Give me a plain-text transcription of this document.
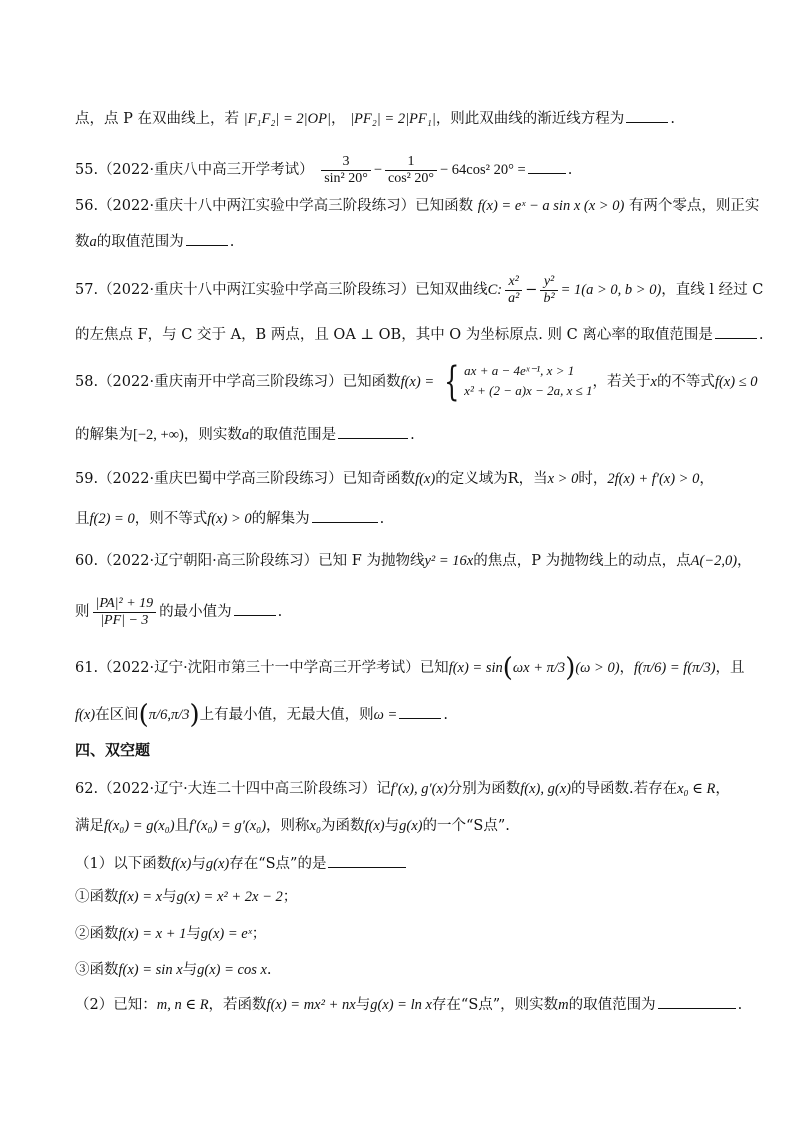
点，点 P 在双曲线上，若 |F₁F₂| = 2|OP|， |PF₂| = 2|PF₁|，则此双曲线的渐近线方程为	.
55.（2022·重庆八中高三开学考试） $\frac{3}{\text{sin² 20°}} - \frac{1}{\text{cos² 20°}} - 64\cos^2$ 20° =	.
56.（2022·重庆十八中两江实验中学高三阶段练习）已知函数 f(x) = eˣ − a sin x (x > 0) 有两个零点，则正实
数a的取值范围为	.
57.（2022·重庆十八中两江实验中学高三阶段练习）已知双曲线C: $\frac{\text{x²}}{\text{a²}} - \frac{\text{y²}}{\text{b²}} = 1(a > 0$, b > 0)，直线 l 经过 C
的左焦点 F，与 C 交于 A，B 两点，且 OA ⊥ OB，其中 O 为坐标原点. 则 C 离心率的取值范围是	.
58.（2022·重庆南开中学高三阶段练习）已知函数f(x) = { ax + a − 4eˣ⁻¹, x > 1
x² + (2 − a)x − 2a, x ≤ 1
，若关于x的不等式f(x) ≤ 0
的解集为[−2, +∞)，则实数a的取值范围是	.
59.（2022·重庆巴蜀中学高三阶段练习）已知奇函数f(x)的定义域为R，当x > 0时，2f(x) + f′(x) > 0，
且f(2) = 0，则不等式f(x) > 0的解集为	.
60.（2022·辽宁朝阳·高三阶段练习）已知 F 为抛物线y² = 16x的焦点，P 为抛物线上的动点，点A(−2,0)，
则 $\frac{\text{|PA|² + 19}}{|PF| - 3}$ 的最小值为	.
61.（2022·辽宁·沈阳市第三十一中学高三开学考试）已知f(x) = sin(ωx + π/3)(ω > 0)，f(π/6) = f(π/3)，且
f(x)在区间(π/6,π/3)上有最小值，无最大值，则ω =	.
四、双空题
62.（2022·辽宁·大连二十四中高三阶段练习）记f′(x), g′(x)分别为函数f(x), g(x)的导函数.若存在x₀ ∈ R，
满足f(x₀) = g(x₀)且f′(x₀) = g′(x₀)，则称x₀为函数f(x)与g(x)的一个“S点”.
（1）以下函数f(x)与g(x)存在“S点”的是
①函数f(x) = x与g(x) = x² + 2x − 2；
②函数f(x) = x + 1与g(x) = eˣ；
③函数f(x) = sin x与g(x) = cos x.
（2）已知：m, n ∈ R，若函数f(x) = mx² + nx与g(x) = ln x存在“S点”，则实数m的取值范围为	.
